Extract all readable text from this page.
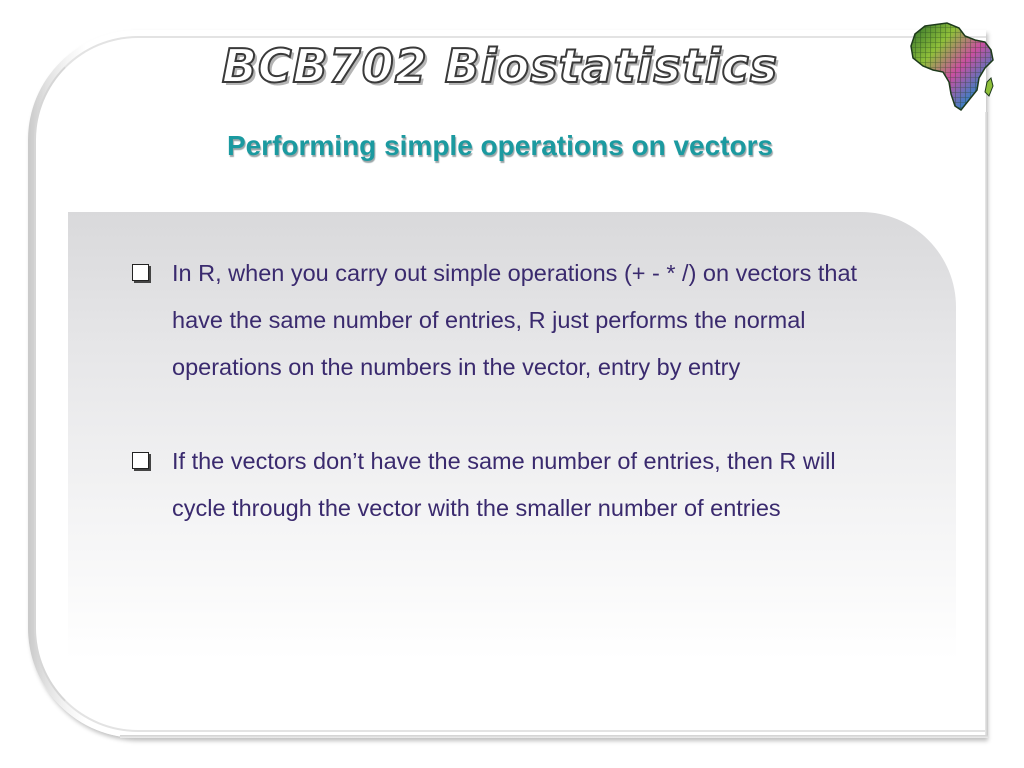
BCB702 Biostatistics
Performing simple operations on vectors
In R, when you carry out simple operations (+ - * /) on vectors that have the same number of entries, R just performs the normal operations on the numbers in the vector, entry by entry
If the vectors don’t have the same number of entries, then R will cycle through the vector with the smaller number of entries
